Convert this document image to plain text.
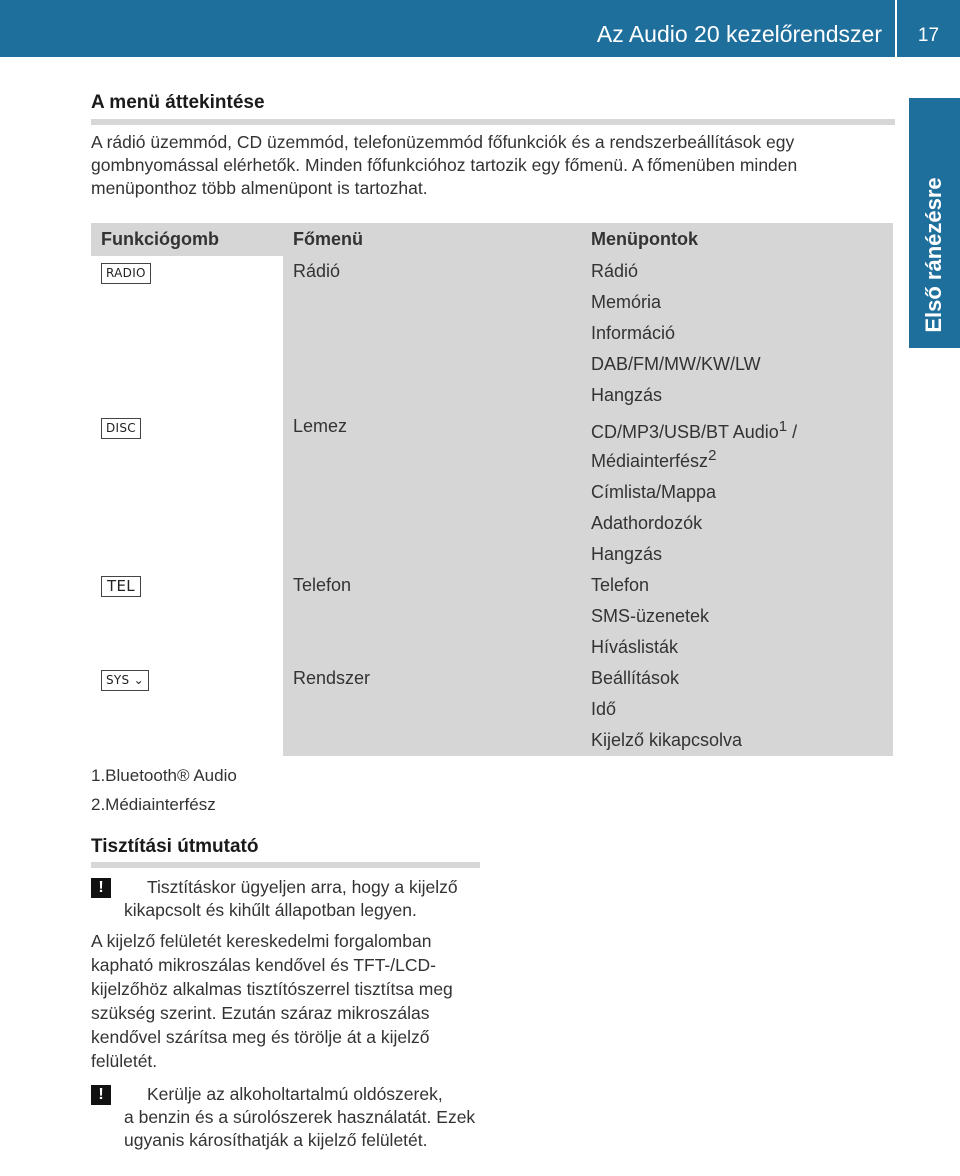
Az Audio 20 kezelőrendszer	17
Első ránézésre
A menü áttekintése

A rádió üzemmód, CD üzemmód, telefonüzemmód főfunkciók és a rendszerbeállítások egy gombnyomással elérhetők. Minden főfunkcióhoz tartozik egy főmenü. A főmenüben minden menüponthoz több almenüpont is tartozhat.

Funkciógomb	Főmenü	Menüpontok
RADIO	Rádió	Rádió
		Memória
		Információ
		DAB/FM/MW/KW/LW
		Hangzás
DISC	Lemez	CD/MP3/USB/BT Audio$^1$ /
Médiainterfész$^2$
		Címlista/Mappa
		Adathordozók
		Hangzás
TEL	Telefon	Telefon
		SMS-üzenetek
		Híváslisták
SYS ⌄	Rendszer	Beállítások
		Idő
		Kijelző kikapcsolva
1.Bluetooth® Audio
2.Médiainterfész
Tisztítási útmutató
!	Tisztításkor ügyeljen arra, hogy a kijelző
kikapcsolt és kihűlt állapotban legyen.

A kijelző felületét kereskedelmi forgalomban kapható mikroszálas kendővel és TFT-/LCD-kijelzőhöz alkalmas tisztítószerrel tisztítsa meg szükség szerint. Ezután száraz mikroszálas kendővel szárítsa meg és törölje át a kijelző felületét.

!	Kerülje az alkoholtartalmú oldószerek,
a benzin és a súrolószerek használatát. Ezek ugyanis károsíthatják a kijelző felületét.
